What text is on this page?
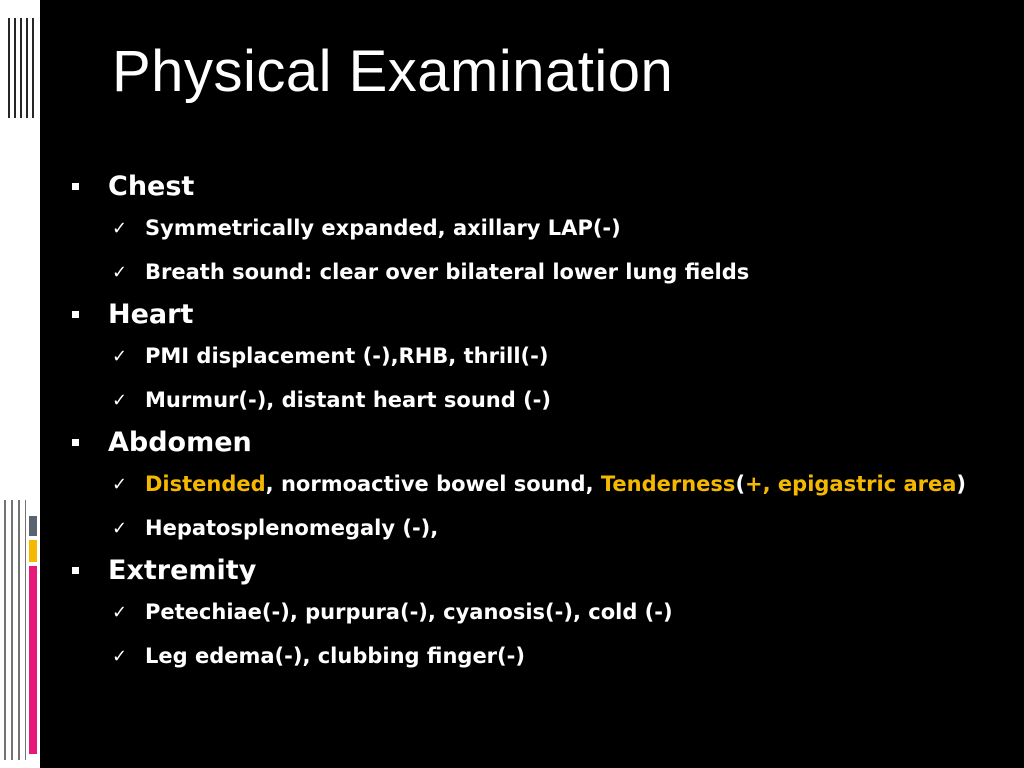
Physical Examination
Chest
✓ Symmetrically expanded, axillary LAP(-)
✓ Breath sound: clear over bilateral lower lung fields
Heart
✓ PMI displacement (-),RHB, thrill(-)
✓ Murmur(-), distant heart sound (-)
Abdomen
✓ Distended, normoactive bowel sound, Tenderness(+, epigastric area)
✓ Hepatosplenomegaly (-),
Extremity
✓ Petechiae(-), purpura(-), cyanosis(-), cold (-)
✓ Leg edema(-), clubbing finger(-)
